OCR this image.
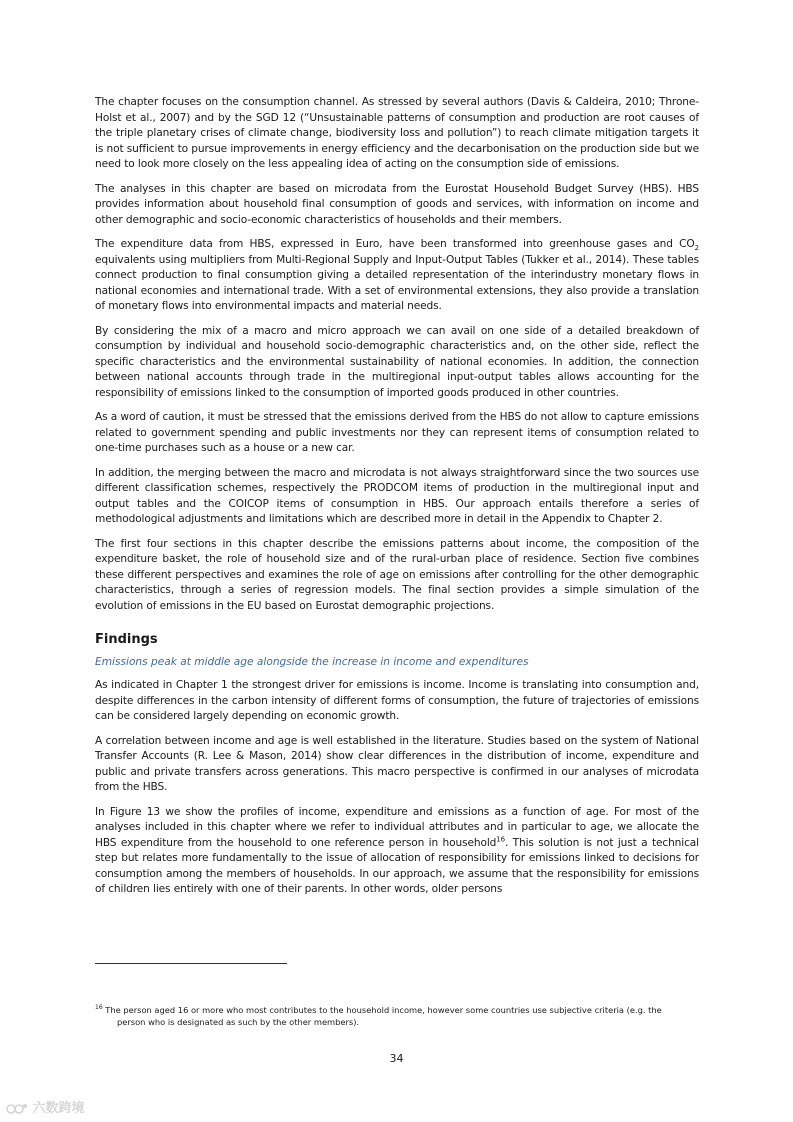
The chapter focuses on the consumption channel. As stressed by several authors (Davis & Caldeira, 2010; Throne-Holst et al., 2007) and by the SGD 12 (“Unsustainable patterns of consumption and production are root causes of the triple planetary crises of climate change, biodiversity loss and pollution”) to reach climate mitigation targets it is not sufficient to pursue improvements in energy efficiency and the decarbonisation on the production side but we need to look more closely on the less appealing idea of acting on the consumption side of emissions.

The analyses in this chapter are based on microdata from the Eurostat Household Budget Survey (HBS). HBS provides information about household final consumption of goods and services, with information on income and other demographic and socio-economic characteristics of households and their members.

The expenditure data from HBS, expressed in Euro, have been transformed into greenhouse gases and $CO_2$ equivalents using multipliers from Multi-Regional Supply and Input-Output Tables (Tukker et al., 2014). These tables connect production to final consumption giving a detailed representation of the interindustry monetary flows in national economies and international trade. With a set of environmental extensions, they also provide a translation of monetary flows into environmental impacts and material needs.

By considering the mix of a macro and micro approach we can avail on one side of a detailed breakdown of consumption by individual and household socio-demographic characteristics and, on the other side, reflect the specific characteristics and the environmental sustainability of national economies. In addition, the connection between national accounts through trade in the multiregional input-output tables allows accounting for the responsibility of emissions linked to the consumption of imported goods produced in other countries.

As a word of caution, it must be stressed that the emissions derived from the HBS do not allow to capture emissions related to government spending and public investments nor they can represent items of consumption related to one-time purchases such as a house or a new car.

In addition, the merging between the macro and microdata is not always straightforward since the two sources use different classification schemes, respectively the PRODCOM items of production in the multiregional input and output tables and the COICOP items of consumption in HBS. Our approach entails therefore a series of methodological adjustments and limitations which are described more in detail in the Appendix to Chapter 2.

The first four sections in this chapter describe the emissions patterns about income, the composition of the expenditure basket, the role of household size and of the rural-urban place of residence. Section five combines these different perspectives and examines the role of age on emissions after controlling for the other demographic characteristics, through a series of regression models. The final section provides a simple simulation of the evolution of emissions in the EU based on Eurostat demographic projections.

Findings

Emissions peak at middle age alongside the increase in income and expenditures

As indicated in Chapter 1 the strongest driver for emissions is income. Income is translating into consumption and, despite differences in the carbon intensity of different forms of consumption, the future of trajectories of emissions can be considered largely depending on economic growth.

A correlation between income and age is well established in the literature. Studies based on the system of National Transfer Accounts (R. Lee & Mason, 2014) show clear differences in the distribution of income, expenditure and public and private transfers across generations. This macro perspective is confirmed in our analyses of microdata from the HBS.

In Figure 13 we show the profiles of income, expenditure and emissions as a function of age. For most of the analyses included in this chapter where we refer to individual attributes and in particular to age, we allocate the HBS expenditure from the household to one reference person in household$^{16}$. This solution is not just a technical step but relates more fundamentally to the issue of allocation of responsibility for emissions linked to decisions for consumption among the members of households. In our approach, we assume that the responsibility for emissions of children lies entirely with one of their parents. In other words, older persons

$^{16}$ The person aged 16 or more who most contributes to the household income, however some countries use subjective criteria (e.g. the
person who is designated as such by the other members).
34
六数跨境
